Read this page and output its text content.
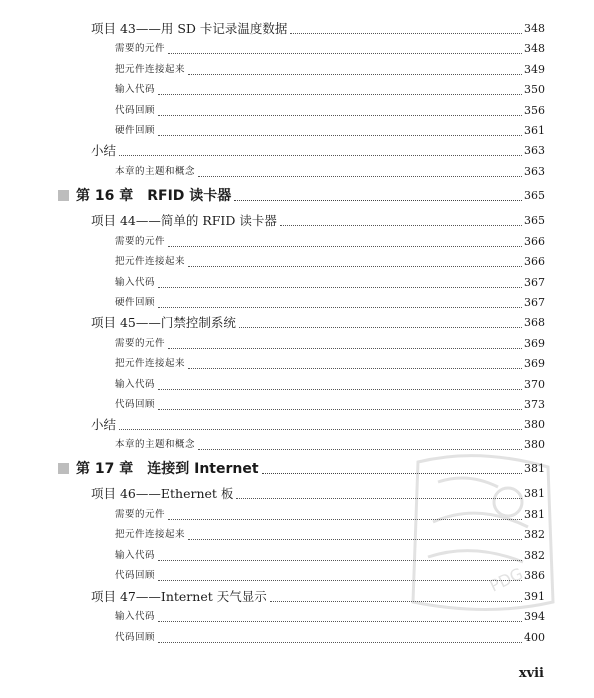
项目 43——用 SD 卡记录温度数据	348
需要的元件	348
把元件连接起来	349
输入代码	350
代码回顾	356
硬件回顾	361
小结	363
本章的主题和概念	363
第 16 章　RFID 读卡器	365
项目 44——简单的 RFID 读卡器	365
需要的元件	366
把元件连接起来	366
输入代码	367
硬件回顾	367
项目 45——门禁控制系统	368
需要的元件	369
把元件连接起来	369
输入代码	370
代码回顾	373
小结	380
本章的主题和概念	380
第 17 章　连接到 Internet	381
项目 46——Ethernet 板	381
需要的元件	381
把元件连接起来	382
输入代码	382
代码回顾	386
项目 47——Internet 天气显示	391
输入代码	394
代码回顾	400
PDG
xvii
